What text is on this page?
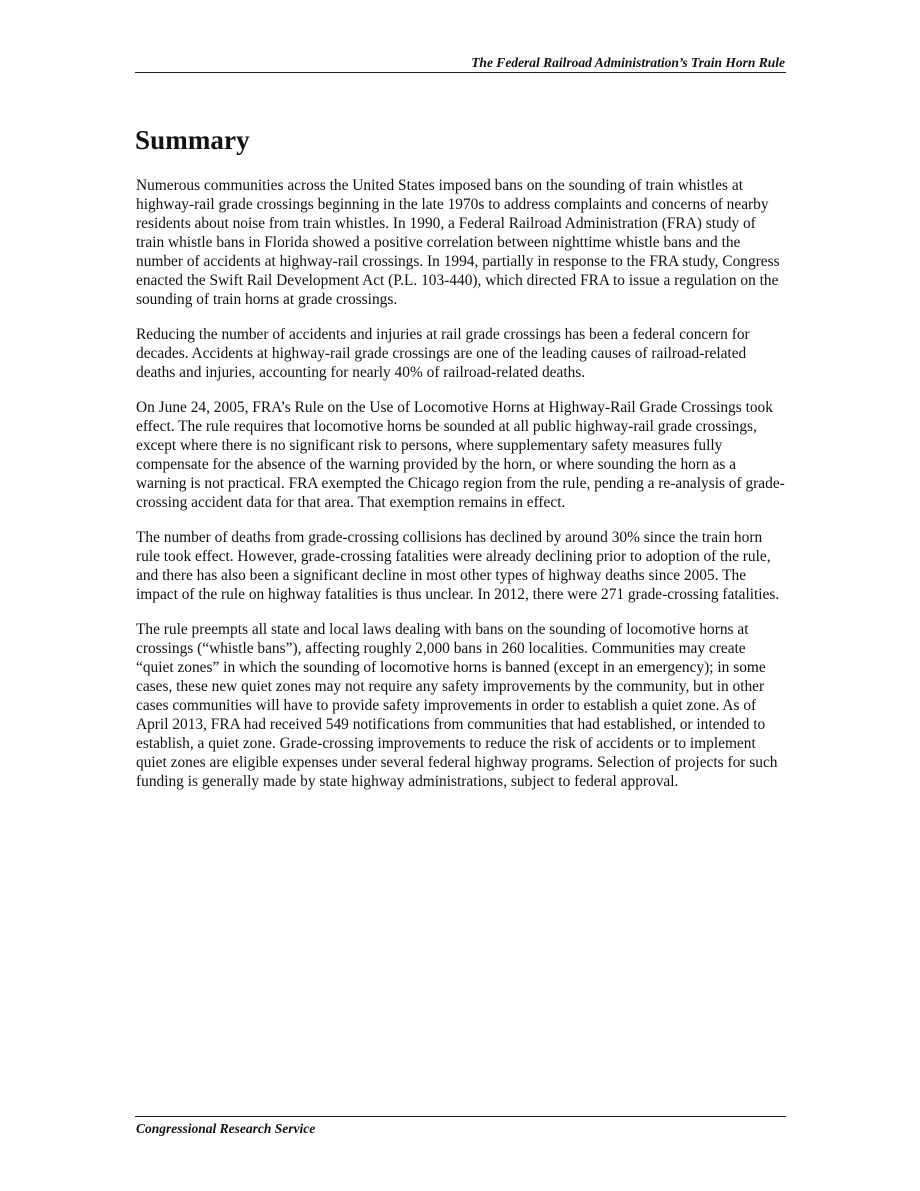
The Federal Railroad Administration’s Train Horn Rule
Summary

Numerous communities across the United States imposed bans on the sounding of train whistles at highway-rail grade crossings beginning in the late 1970s to address complaints and concerns of nearby residents about noise from train whistles. In 1990, a Federal Railroad Administration (FRA) study of train whistle bans in Florida showed a positive correlation between nighttime whistle bans and the number of accidents at highway-rail crossings. In 1994, partially in response to the FRA study, Congress enacted the Swift Rail Development Act (P.L. 103-440), which directed FRA to issue a regulation on the sounding of train horns at grade crossings.

Reducing the number of accidents and injuries at rail grade crossings has been a federal concern for decades. Accidents at highway-rail grade crossings are one of the leading causes of railroad-related deaths and injuries, accounting for nearly 40% of railroad-related deaths.

On June 24, 2005, FRA’s Rule on the Use of Locomotive Horns at Highway-Rail Grade Crossings took effect. The rule requires that locomotive horns be sounded at all public highway-rail grade crossings, except where there is no significant risk to persons, where supplementary safety measures fully compensate for the absence of the warning provided by the horn, or where sounding the horn as a warning is not practical. FRA exempted the Chicago region from the rule, pending a re-analysis of grade-crossing accident data for that area. That exemption remains in effect.

The number of deaths from grade-crossing collisions has declined by around 30% since the train horn rule took effect. However, grade-crossing fatalities were already declining prior to adoption of the rule, and there has also been a significant decline in most other types of highway deaths since 2005. The impact of the rule on highway fatalities is thus unclear. In 2012, there were 271 grade-crossing fatalities.

The rule preempts all state and local laws dealing with bans on the sounding of locomotive horns at crossings (“whistle bans”), affecting roughly 2,000 bans in 260 localities. Communities may create “quiet zones” in which the sounding of locomotive horns is banned (except in an emergency); in some cases, these new quiet zones may not require any safety improvements by the community, but in other cases communities will have to provide safety improvements in order to establish a quiet zone. As of April 2013, FRA had received 549 notifications from communities that had established, or intended to establish, a quiet zone. Grade-crossing improvements to reduce the risk of accidents or to implement quiet zones are eligible expenses under several federal highway programs. Selection of projects for such funding is generally made by state highway administrations, subject to federal approval.

Congressional Research Service
